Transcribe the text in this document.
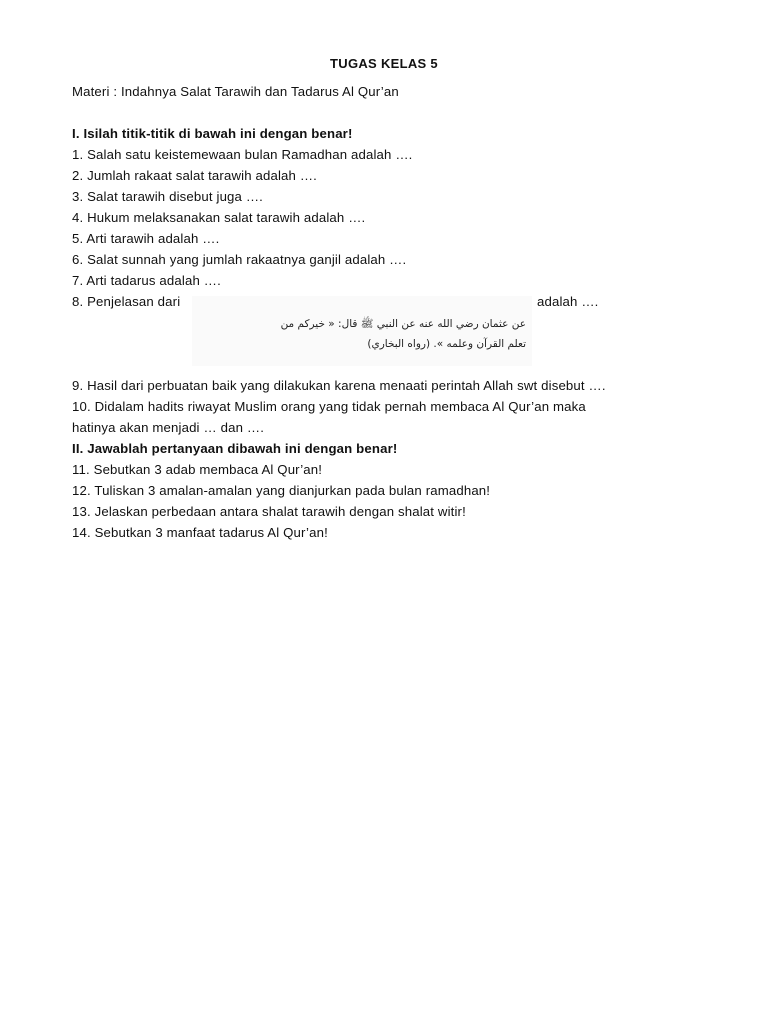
TUGAS KELAS 5
Materi : Indahnya Salat Tarawih dan Tadarus Al Qur’an
I. Isilah titik-titik di bawah ini dengan benar!
1. Salah satu keistemewaan bulan Ramadhan adalah ….
2. Jumlah rakaat salat tarawih adalah ….
3. Salat tarawih disebut juga ….
4. Hukum melaksanakan salat tarawih adalah ….
5. Arti tarawih adalah ….
6. Salat sunnah yang jumlah rakaatnya ganjil adalah ….
7. Arti tadarus adalah ….
8. Penjelasan dari	adalah ….
عن عثمان رضي الله عنه عن النبي ﷺ قال: « خيركم من
تعلم القرآن وعلمه ». (رواه البخاري)
9. Hasil dari perbuatan baik yang dilakukan karena menaati perintah Allah swt disebut ….
10. Didalam hadits riwayat Muslim orang yang tidak pernah membaca Al Qur’an maka
hatinya akan menjadi … dan ….
II. Jawablah pertanyaan dibawah ini dengan benar!
11. Sebutkan 3 adab membaca Al Qur’an!
12. Tuliskan 3 amalan-amalan yang dianjurkan pada bulan ramadhan!
13. Jelaskan perbedaan antara shalat tarawih dengan shalat witir!
14. Sebutkan 3 manfaat tadarus Al Qur’an!
